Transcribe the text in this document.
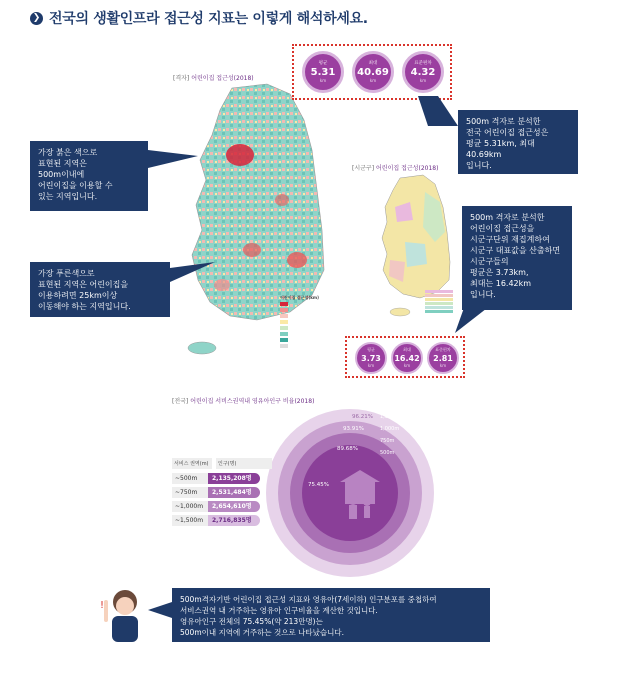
❯ 전국의 생활인프라 접근성 지표는 이렇게 해석하세요.
[격자] 어린이집 접근성(2018)
어린이집 접근성(km)
평균
5.31
km
최대
40.69
km
표준편차
4.32
km
500m 격자로 분석한
전국 어린이집 접근성은
평균 5.31km, 최대 40.69km
입니다.
가장 붉은 색으로
표현된 지역은
500m이내에
어린이집을 이용할 수
있는 지역입니다.
가장 푸른색으로
표현된 지역은 어린이집을
이용하려면 25km이상
이동해야 하는 지역입니다.
[시군구] 어린이집 접근성(2018)
500m 격자로 분석한
어린이집 접근성을
시군구단위 재집계하여
시군구 대표값을 산출하면
시군구들의
평균은 3.73km,
최대는 16.42km
입니다.
평균
3.73
km
최대
16.42
km
표준편차
2.81
km
[전국] 어린이집 서비스권역내 영유아인구 비율(2018)
1,500m
1,000m
750m
500m
96.21%
93.91%
89.68%
75.45%
서비스 권역(m)	인구(명)
~500m	2,135,208명
~750m	2,531,484명
~1,000m	2,654,610명
~1,500m	2,716,835명
!
500m격자기반 어린이집 접근성 지표와 영유아(7세이하) 인구분포를 중첩하여
서비스권역 내 거주하는 영유아 인구비율을 계산한 것입니다.
영유아인구 전체의 75.45%(약 213만명)는
500m이내 지역에 거주하는 것으로 나타났습니다.
